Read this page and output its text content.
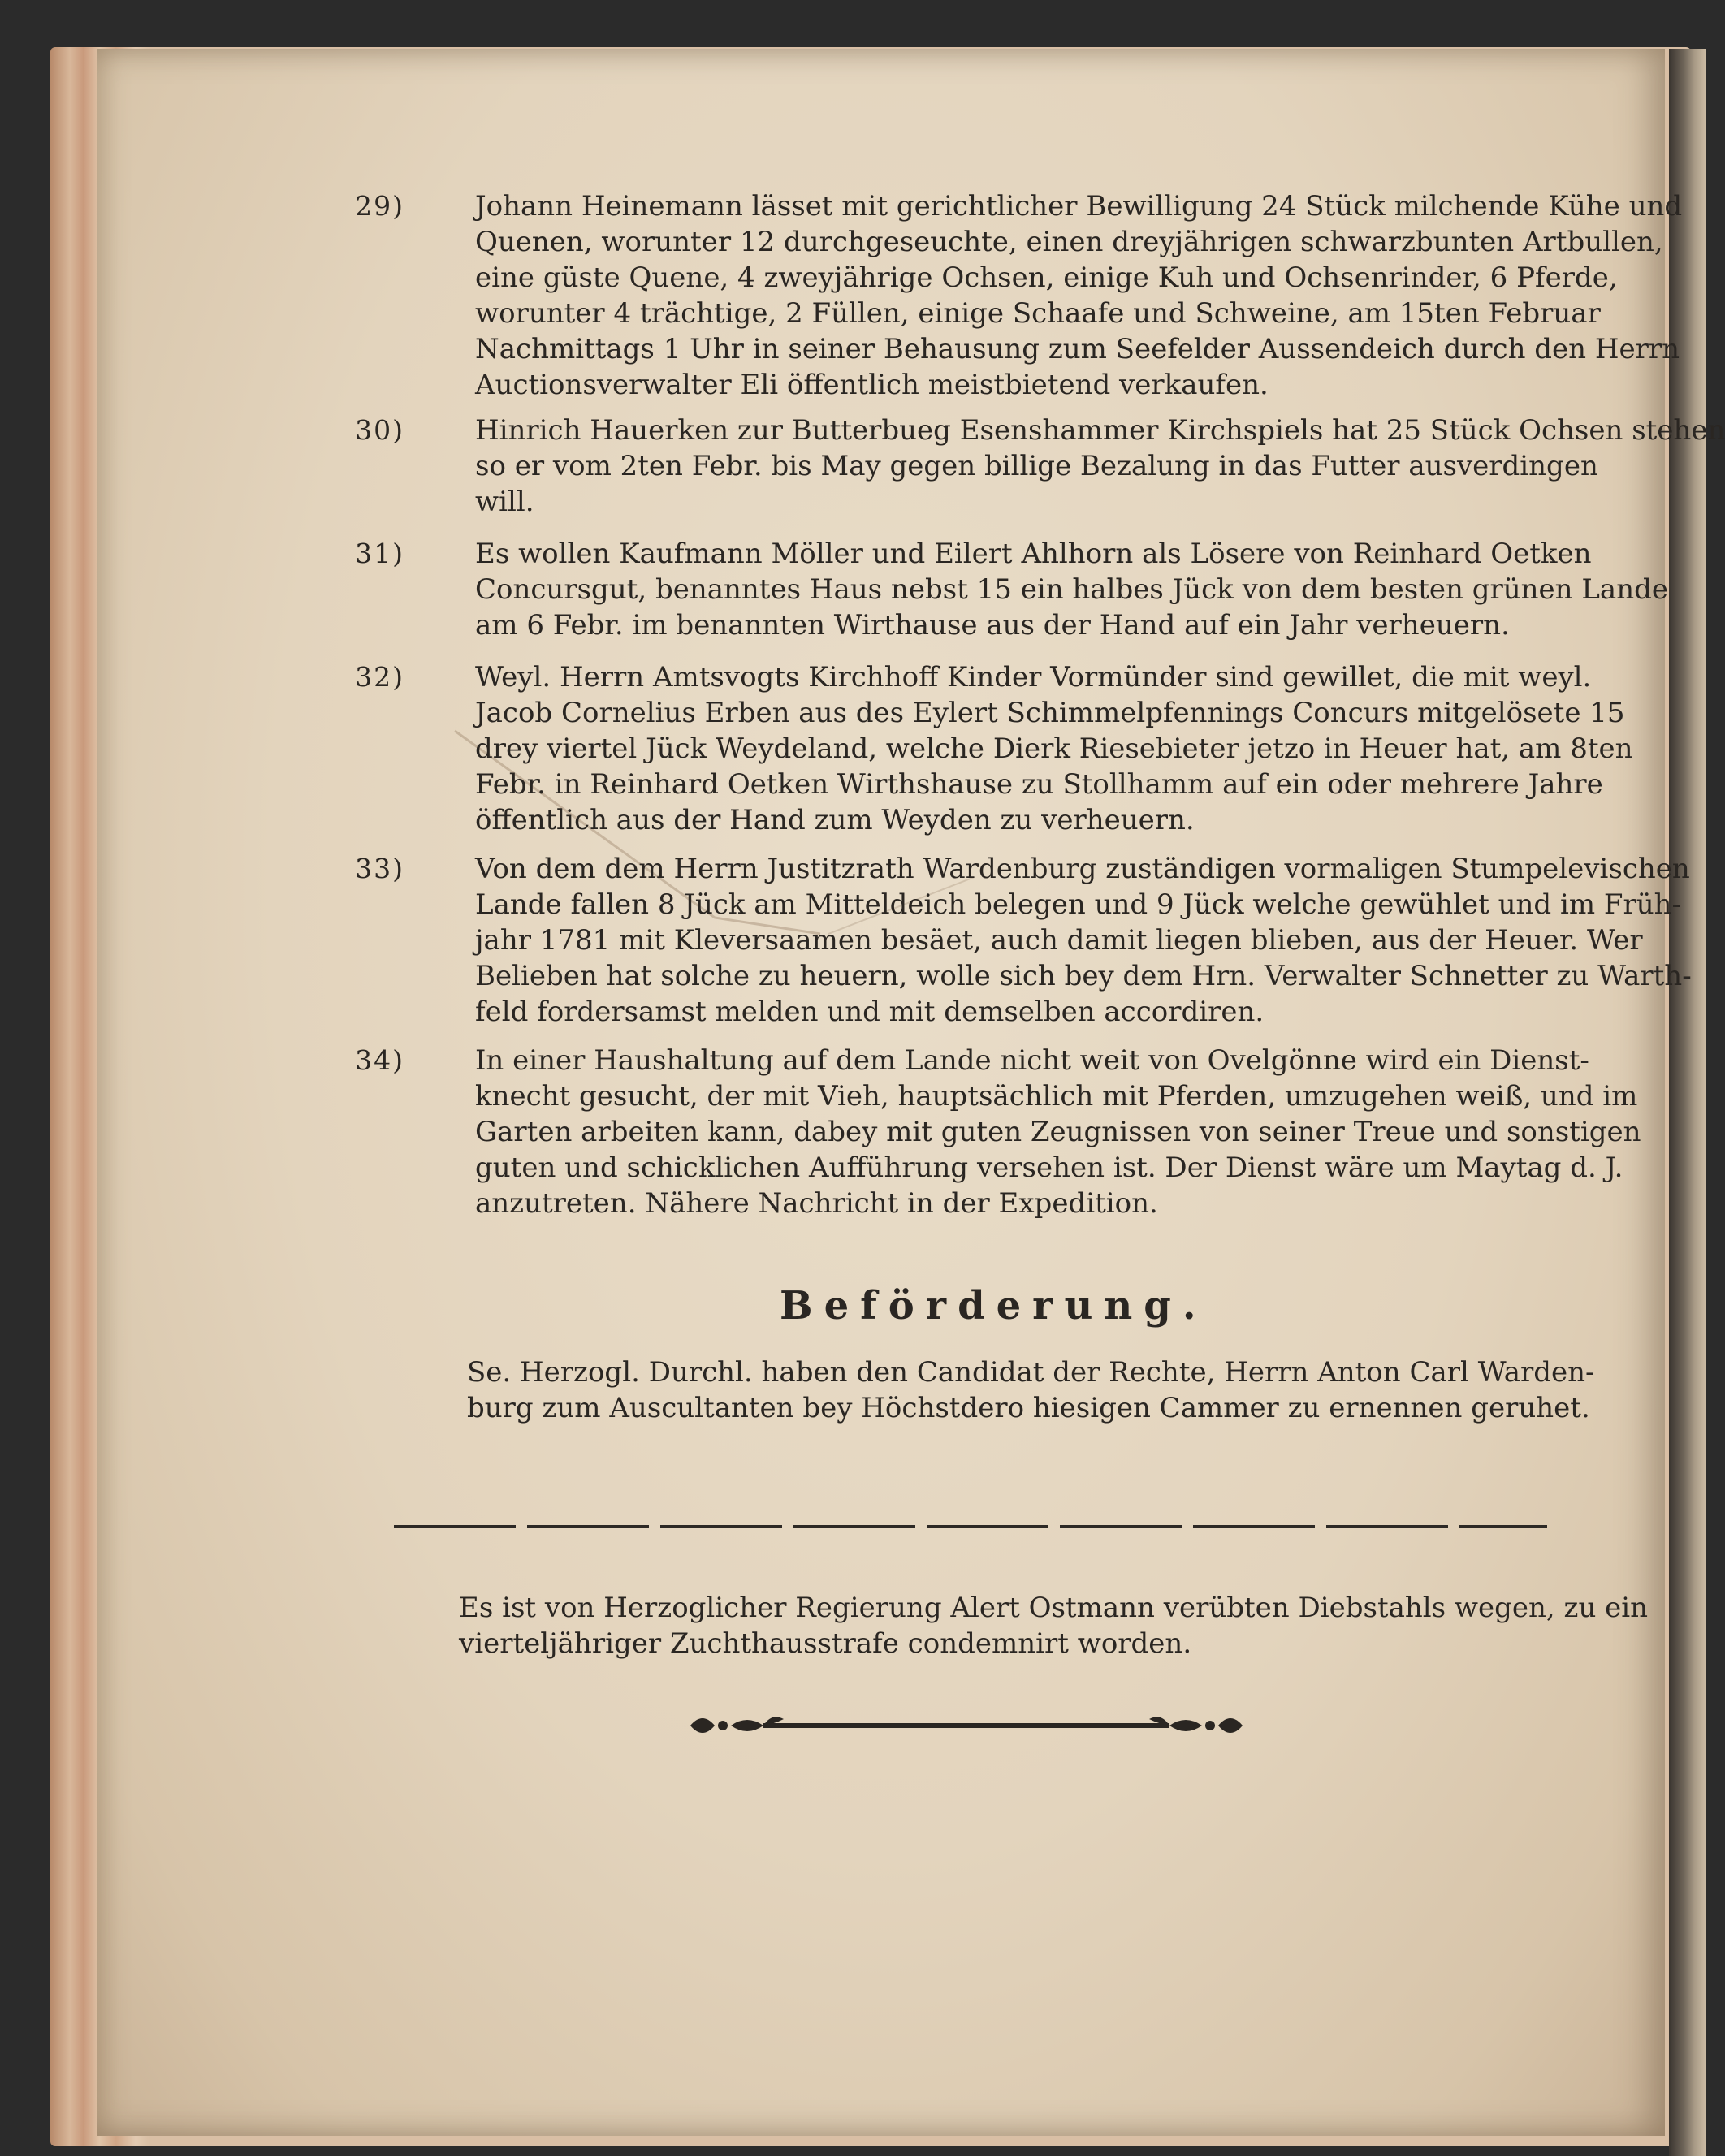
29)	Johann Heinemann lässet mit gerichtlicher Bewilligung 24 Stück milchende Kühe und
Quenen, worunter 12 durchgeseuchte, einen dreyjährigen schwarzbunten Artbullen,
eine güste Quene, 4 zweyjährige Ochsen, einige Kuh und Ochsenrinder, 6 Pferde,
worunter 4 trächtige, 2 Füllen, einige Schaafe und Schweine, am 15ten Februar
Nachmittags 1 Uhr in seiner Behausung zum Seefelder Aussendeich durch den Herrn
Auctionsverwalter Eli öffentlich meistbietend verkaufen.
30)	Hinrich Hauerken zur Butterbueg Esenshammer Kirchspiels hat 25 Stück Ochsen stehen
so er vom 2ten Febr. bis May gegen billige Bezalung in das Futter ausverdingen
will.
31)	Es wollen Kaufmann Möller und Eilert Ahlhorn als Lösere von Reinhard Oetken
Concursgut, benanntes Haus nebst 15 ein halbes Jück von dem besten grünen Lande
am 6 Febr. im benannten Wirthause aus der Hand auf ein Jahr verheuern.
32)	Weyl. Herrn Amtsvogts Kirchhoff Kinder Vormünder sind gewillet, die mit weyl.
Jacob Cornelius Erben aus des Eylert Schimmelpfennings Concurs mitgelösete 15
drey viertel Jück Weydeland, welche Dierk Riesebieter jetzo in Heuer hat, am 8ten
Febr. in Reinhard Oetken Wirthshause zu Stollhamm auf ein oder mehrere Jahre
öffentlich aus der Hand zum Weyden zu verheuern.
33)	Von dem dem Herrn Justitzrath Wardenburg zuständigen vormaligen Stumpelevischen
Lande fallen 8 Jück am Mitteldeich belegen und 9 Jück welche gewühlet und im Früh-
jahr 1781 mit Kleversaamen besäet, auch damit liegen blieben, aus der Heuer. Wer
Belieben hat solche zu heuern, wolle sich bey dem Hrn. Verwalter Schnetter zu Warth-
feld fordersamst melden und mit demselben accordiren.
34)	In einer Haushaltung auf dem Lande nicht weit von Ovelgönne wird ein Dienst-
knecht gesucht, der mit Vieh, hauptsächlich mit Pferden, umzugehen weiß, und im
Garten arbeiten kann, dabey mit guten Zeugnissen von seiner Treue und sonstigen
guten und schicklichen Aufführung versehen ist. Der Dienst wäre um Maytag d. J.
anzutreten. Nähere Nachricht in der Expedition.
Beförderung.
Se. Herzogl. Durchl. haben den Candidat der Rechte, Herrn Anton Carl Warden-
burg zum Auscultanten bey Höchstdero hiesigen Cammer zu ernennen geruhet.
Es ist von Herzoglicher Regierung Alert Ostmann verübten Diebstahls wegen, zu ein
vierteljähriger Zuchthausstrafe condemnirt worden.
